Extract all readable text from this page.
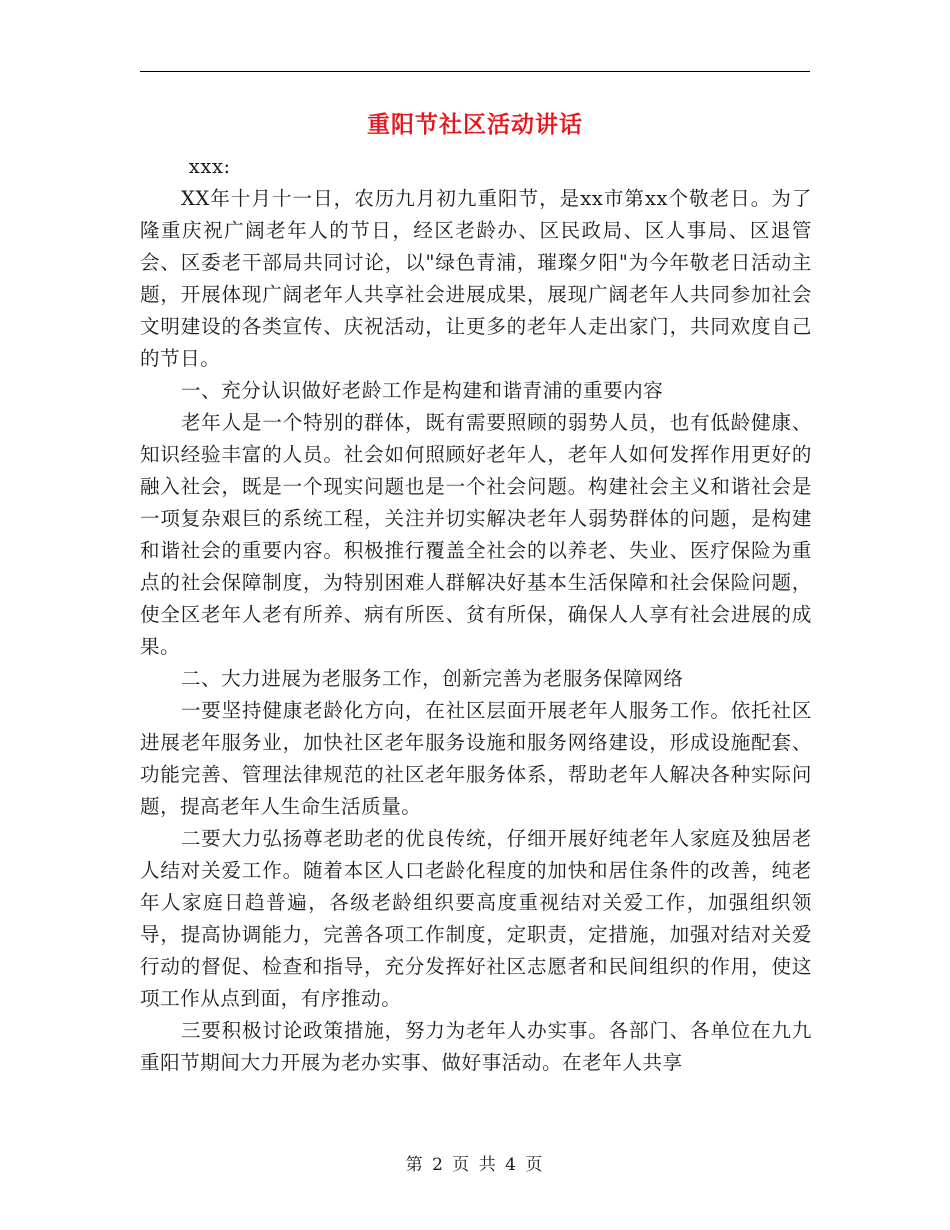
重阳节社区活动讲话

xxx:

XX年十月十一日，农历九月初九重阳节，是xx市第xx个敬老日。为了隆重庆祝广阔老年人的节日，经区老龄办、区民政局、区人事局、区退管会、区委老干部局共同讨论，以"绿色青浦，璀璨夕阳"为今年敬老日活动主题，开展体现广阔老年人共享社会进展成果，展现广阔老年人共同参加社会文明建设的各类宣传、庆祝活动，让更多的老年人走出家门，共同欢度自己的节日。

一、充分认识做好老龄工作是构建和谐青浦的重要内容

老年人是一个特别的群体，既有需要照顾的弱势人员，也有低龄健康、知识经验丰富的人员。社会如何照顾好老年人，老年人如何发挥作用更好的融入社会，既是一个现实问题也是一个社会问题。构建社会主义和谐社会是一项复杂艰巨的系统工程，关注并切实解决老年人弱势群体的问题，是构建和谐社会的重要内容。积极推行覆盖全社会的以养老、失业、医疗保险为重点的社会保障制度，为特别困难人群解决好基本生活保障和社会保险问题，使全区老年人老有所养、病有所医、贫有所保，确保人人享有社会进展的成果。

二、大力进展为老服务工作，创新完善为老服务保障网络

一要坚持健康老龄化方向，在社区层面开展老年人服务工作。依托社区进展老年服务业，加快社区老年服务设施和服务网络建设，形成设施配套、功能完善、管理法律规范的社区老年服务体系，帮助老年人解决各种实际问题，提高老年人生命生活质量。

二要大力弘扬尊老助老的优良传统，仔细开展好纯老年人家庭及独居老人结对关爱工作。随着本区人口老龄化程度的加快和居住条件的改善，纯老年人家庭日趋普遍，各级老龄组织要高度重视结对关爱工作，加强组织领导，提高协调能力，完善各项工作制度，定职责，定措施，加强对结对关爱行动的督促、检查和指导，充分发挥好社区志愿者和民间组织的作用，使这项工作从点到面，有序推动。

三要积极讨论政策措施，努力为老年人办实事。各部门、各单位在九九重阳节期间大力开展为老办实事、做好事活动。在老年人共享

第 2 页 共 4 页
